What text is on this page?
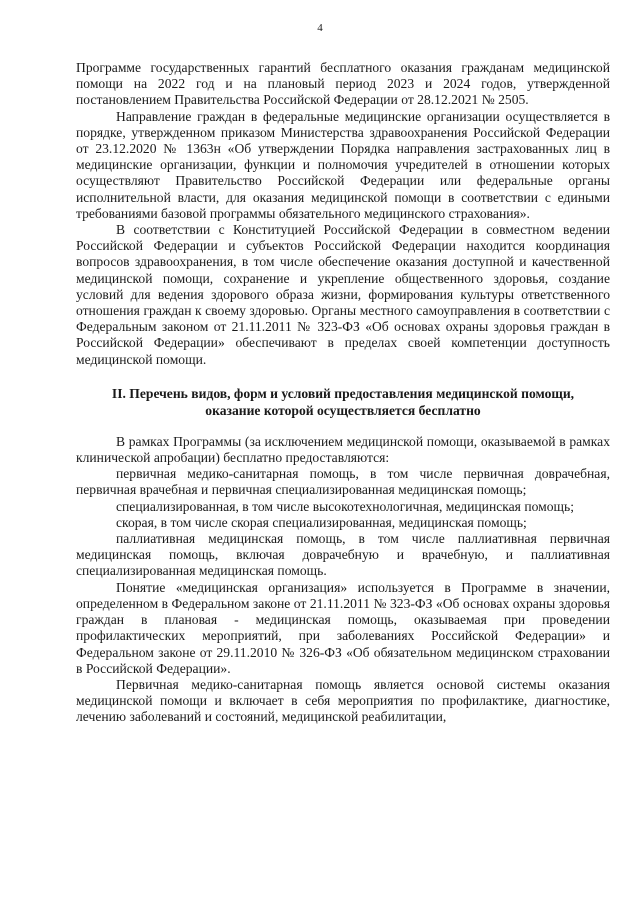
4

Программе государственных гарантий бесплатного оказания гражданам медицинской помощи на 2022 год и на плановый период 2023 и 2024 годов, утвержденной постановлением Правительства Российской Федерации от 28.12.2021 № 2505.

Направление граждан в федеральные медицинские организации осуществляется в порядке, утвержденном приказом Министерства здравоохранения Российской Федерации от 23.12.2020 № 1363н «Об утверждении Порядка направления застрахованных лиц в медицинские организации, функции и полномочия учредителей в отношении которых осуществляют Правительство Российской Федерации или федеральные органы исполнительной власти, для оказания медицинской помощи в соответствии с едиными требованиями базовой программы обязательного медицинского страхования».

В соответствии с Конституцией Российской Федерации в совместном ведении Российской Федерации и субъектов Российской Федерации находится координация вопросов здравоохранения, в том числе обеспечение оказания доступной и качественной медицинской помощи, сохранение и укрепление общественного здоровья, создание условий для ведения здорового образа жизни, формирования культуры ответственного отношения граждан к своему здоровью. Органы местного самоуправления в соответствии с Федеральным законом от 21.11.2011 № 323-ФЗ «Об основах охраны здоровья граждан в Российской Федерации» обеспечивают в пределах своей компетенции доступность медицинской помощи.

II. Перечень видов, форм и условий предоставления медицинской помощи, оказание которой осуществляется бесплатно

В рамках Программы (за исключением медицинской помощи, оказываемой в рамках клинической апробации) бесплатно предоставляются:

первичная медико-санитарная помощь, в том числе первичная доврачебная, первичная врачебная и первичная специализированная медицинская помощь;

специализированная, в том числе высокотехнологичная, медицинская помощь;

скорая, в том числе скорая специализированная, медицинская помощь;

паллиативная медицинская помощь, в том числе паллиативная первичная медицинская помощь, включая доврачебную и врачебную, и паллиативная специализированная медицинская помощь.

Понятие «медицинская организация» используется в Программе в значении, определенном в Федеральном законе от 21.11.2011 № 323-ФЗ «Об основах охраны здоровья граждан в плановая - медицинская помощь, оказываемая при проведении профилактических мероприятий, при заболеваниях Российской Федерации» и Федеральном законе от 29.11.2010 № 326-ФЗ «Об обязательном медицинском страховании в Российской Федерации».

Первичная медико-санитарная помощь является основой системы оказания медицинской помощи и включает в себя мероприятия по профилактике, диагностике, лечению заболеваний и состояний, медицинской реабилитации,
